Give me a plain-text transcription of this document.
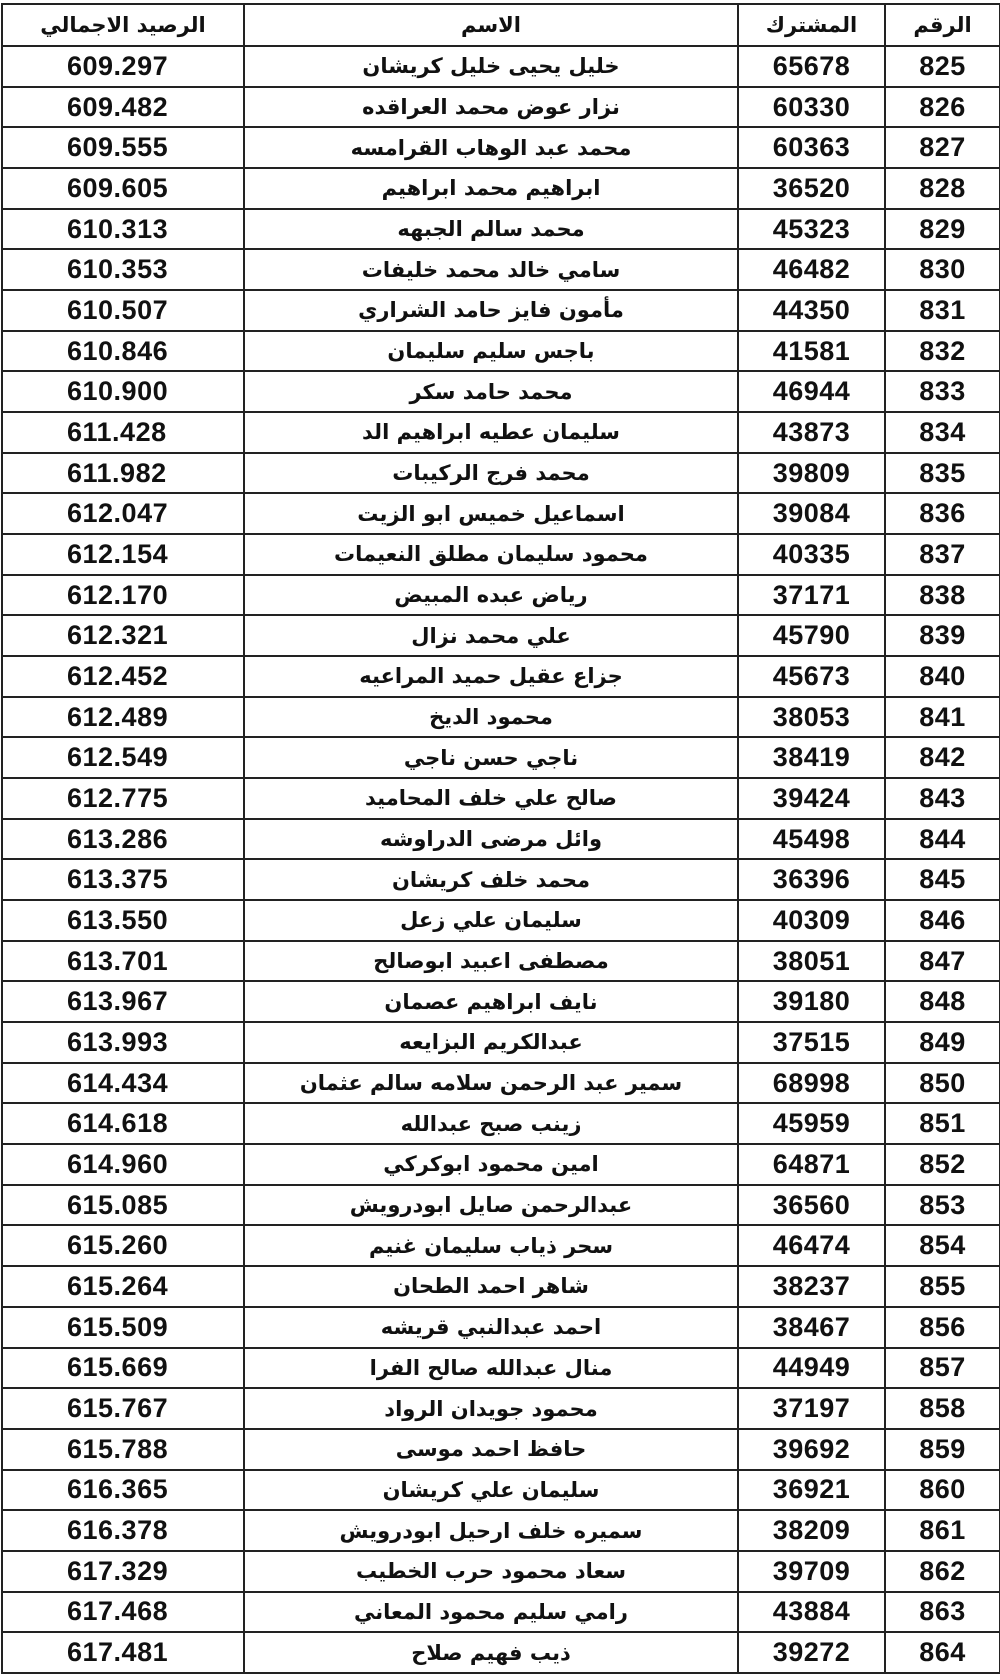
الرصيد الاجمالي	الاسم	المشترك	الرقم
609.297	خليل يحيى خليل كريشان	65678	825
609.482	نزار عوض محمد العراقده	60330	826
609.555	محمد عبد الوهاب القرامسه	60363	827
609.605	ابراهيم محمد ابراهيم	36520	828
610.313	محمد سالم الجبهه	45323	829
610.353	سامي خالد محمد خليفات	46482	830
610.507	مأمون فايز حامد الشراري	44350	831
610.846	باجس سليم سليمان	41581	832
610.900	محمد حامد سكر	46944	833
611.428	سليمان عطيه ابراهيم الد	43873	834
611.982	محمد فرج الركيبات	39809	835
612.047	اسماعيل خميس ابو الزيت	39084	836
612.154	محمود سليمان مطلق النعيمات	40335	837
612.170	رياض عبده المبيض	37171	838
612.321	علي محمد نزال	45790	839
612.452	جزاع عقيل حميد المراعيه	45673	840
612.489	محمود الديخ	38053	841
612.549	ناجي حسن ناجي	38419	842
612.775	صالح علي خلف المحاميد	39424	843
613.286	وائل مرضى الدراوشه	45498	844
613.375	محمد خلف كريشان	36396	845
613.550	سليمان علي زعل	40309	846
613.701	مصطفى اعبيد ابوصالح	38051	847
613.967	نايف ابراهيم عصمان	39180	848
613.993	عبدالكريم البزايعه	37515	849
614.434	سمير عبد الرحمن سلامه سالم عثمان	68998	850
614.618	زينب صبح عبدالله	45959	851
614.960	امين محمود ابوكركي	64871	852
615.085	عبدالرحمن صايل ابودرويش	36560	853
615.260	سحر ذياب سليمان غنيم	46474	854
615.264	شاهر احمد الطحان	38237	855
615.509	احمد عبدالنبي قريشه	38467	856
615.669	منال عبدالله صالح الفرا	44949	857
615.767	محمود جويدان الرواد	37197	858
615.788	حافظ احمد موسى	39692	859
616.365	سليمان علي كريشان	36921	860
616.378	سميره خلف ارحيل ابودرويش	38209	861
617.329	سعاد محمود حرب الخطيب	39709	862
617.468	رامي سليم محمود المعاني	43884	863
617.481	ذيب فهيم صلاح	39272	864
